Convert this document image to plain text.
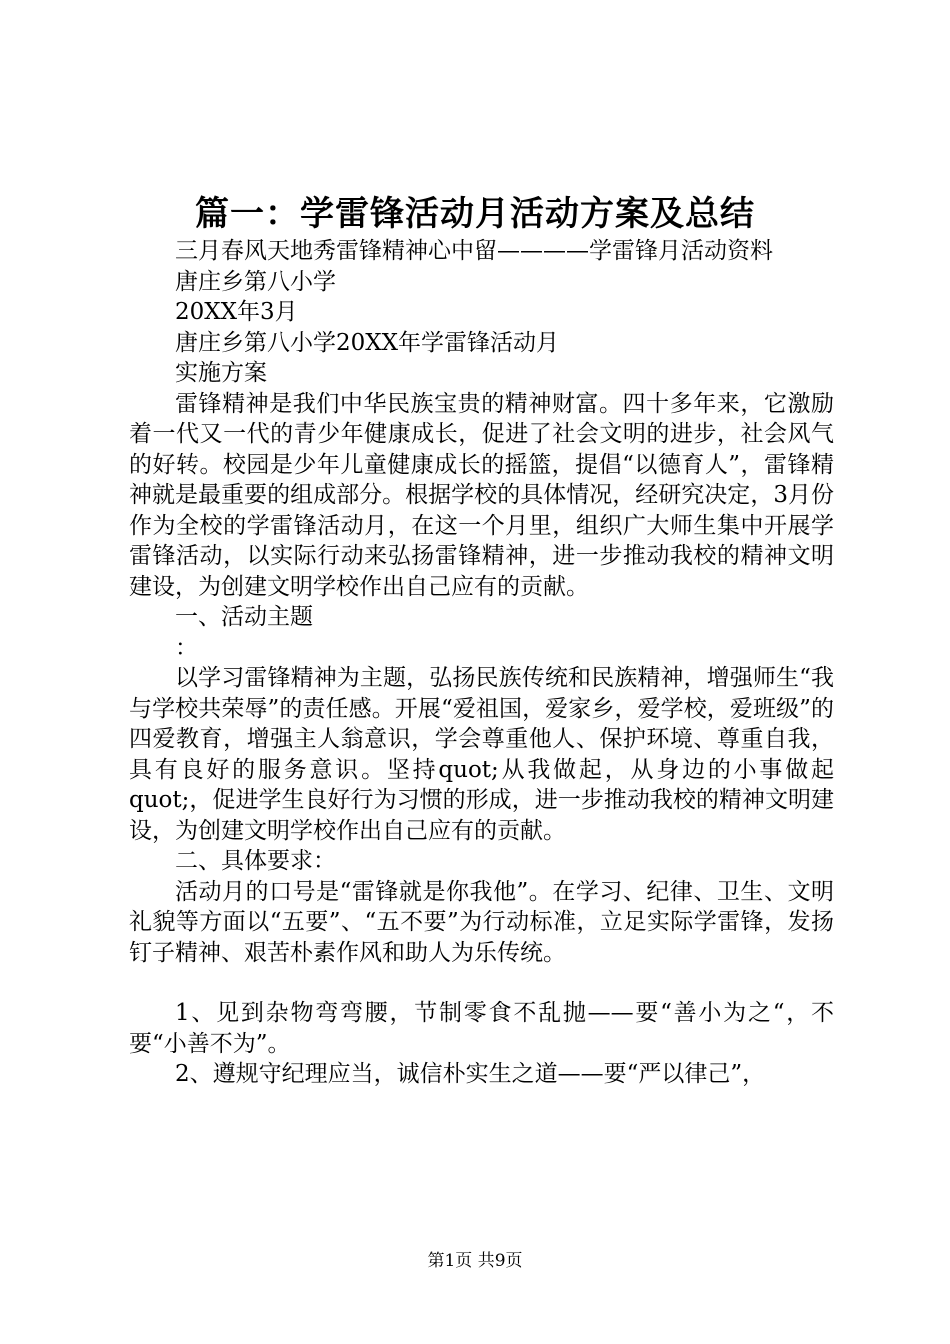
篇一：学雷锋活动月活动方案及总结

三月春风天地秀雷锋精神心中留————学雷锋月活动资料

唐庄乡第八小学

20XX年3月

唐庄乡第八小学20XX年学雷锋活动月

实施方案

雷锋精神是我们中华民族宝贵的精神财富。四十多年来，它激励着一代又一代的青少年健康成长，促进了社会文明的进步，社会风气的好转。校园是少年儿童健康成长的摇篮，提倡“以德育人”，雷锋精神就是最重要的组成部分。根据学校的具体情况，经研究决定，3月份作为全校的学雷锋活动月，在这一个月里，组织广大师生集中开展学雷锋活动，以实际行动来弘扬雷锋精神，进一步推动我校的精神文明建设，为创建文明学校作出自己应有的贡献。

一、活动主题

：

以学习雷锋精神为主题，弘扬民族传统和民族精神，增强师生“我与学校共荣辱”的责任感。开展“爱祖国，爱家乡，爱学校，爱班级”的四爱教育，增强主人翁意识，学会尊重他人、保护环境、尊重自我，具有良好的服务意识。坚持quot;从我做起，从身边的小事做起quot;，促进学生良好行为习惯的形成，进一步推动我校的精神文明建设，为创建文明学校作出自己应有的贡献。

二、具体要求：

活动月的口号是“雷锋就是你我他”。在学习、纪律、卫生、文明礼貌等方面以“五要”、“五不要”为行动标准，立足实际学雷锋，发扬钉子精神、艰苦朴素作风和助人为乐传统。

1、见到杂物弯弯腰，节制零食不乱抛——要“善小为之“，不要“小善不为”。

2、遵规守纪理应当，诚信朴实生之道——要“严以律己”，

第1页 共9页
